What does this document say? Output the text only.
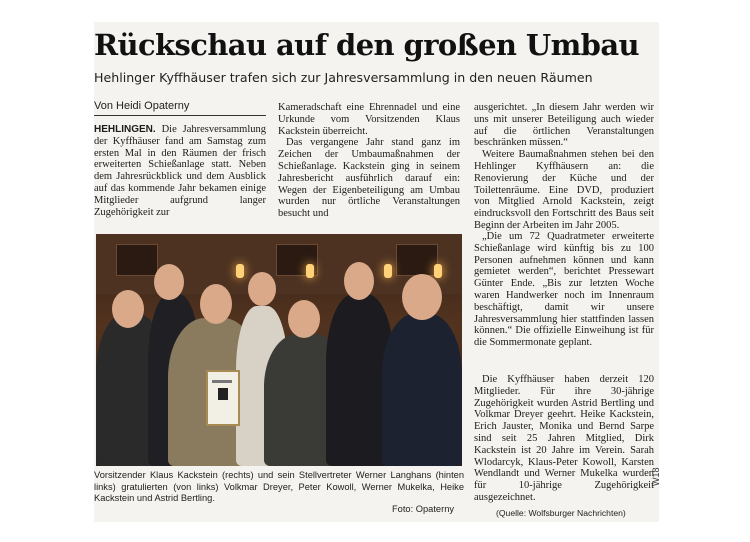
Rückschau auf den großen Umbau
Hehlinger Kyffhäuser trafen sich zur Jahresversammlung in den neuen Räumen
Von Heidi Opaterny

HEHLINGEN. Die Jahresversammlung der Kyffhäuser fand am Samstag zum ersten Mal in den Räumen der frisch erweiterten Schießanlage statt. Neben dem Jahresrückblick und dem Ausblick auf das kommende Jahr bekamen einige Mitglieder aufgrund langer Zugehörigkeit zur

Kameradschaft eine Ehrennadel und eine Urkunde vom Vorsitzenden Klaus Kackstein überreicht.

Das vergangene Jahr stand ganz im Zeichen der Umbaumaßnahmen der Schießanlage. Kackstein ging in seinem Jahresbericht ausführlich darauf ein: Wegen der Eigenbeteiligung am Umbau wurden nur örtliche Veranstaltungen besucht und

ausgerichtet. „In diesem Jahr werden wir uns mit unserer Beteiligung auch wieder auf die örtlichen Veranstaltungen beschränken müssen.“

Weitere Baumaßnahmen stehen bei den Hehlinger Kyffhäusern an: die Renovierung der Küche und der Toilettenräume. Eine DVD, produziert von Mitglied Arnold Kackstein, zeigt eindrucksvoll den Fortschritt des Baus seit Beginn der Arbeiten im Jahr 2005.

„Die um 72 Quadratmeter erweiterte Schießanlage wird künftig bis zu 100 Personen aufnehmen können und kann gemietet werden“, berichtet Pressewart Günter Ende. „Bis zur letzten Woche waren Handwerker noch im Innenraum beschäftigt, damit wir unsere Jahresversammlung hier stattfinden lassen können.“ Die offizielle Einweihung ist für die Sommermonate geplant.

Die Kyffhäuser haben derzeit 120 Mitglieder. Für ihre 30-jährige Zugehörigkeit wurden Astrid Bertling und Volkmar Dreyer geehrt. Heike Kackstein, Erich Jauster, Monika und Bernd Sarpe sind seit 25 Jahren Mitglied, Dirk Kackstein ist 20 Jahre im Verein. Sarah Wlodarcyk, Klaus-Peter Kowoll, Karsten Wendlandt und Werner Mukelka wurden für 10-jährige Zugehörigkeit ausgezeichnet.

Vorsitzender Klaus Kackstein (rechts) und sein Stellvertreter Werner Langhans (hinten links) gratulierten (von links) Volkmar Dreyer, Peter Kowoll, Werner Mukelka, Heike Kackstein und Astrid Bertling.
Foto: Opaterny	(Quelle: Wolfsburger Nachrichten)
W18
